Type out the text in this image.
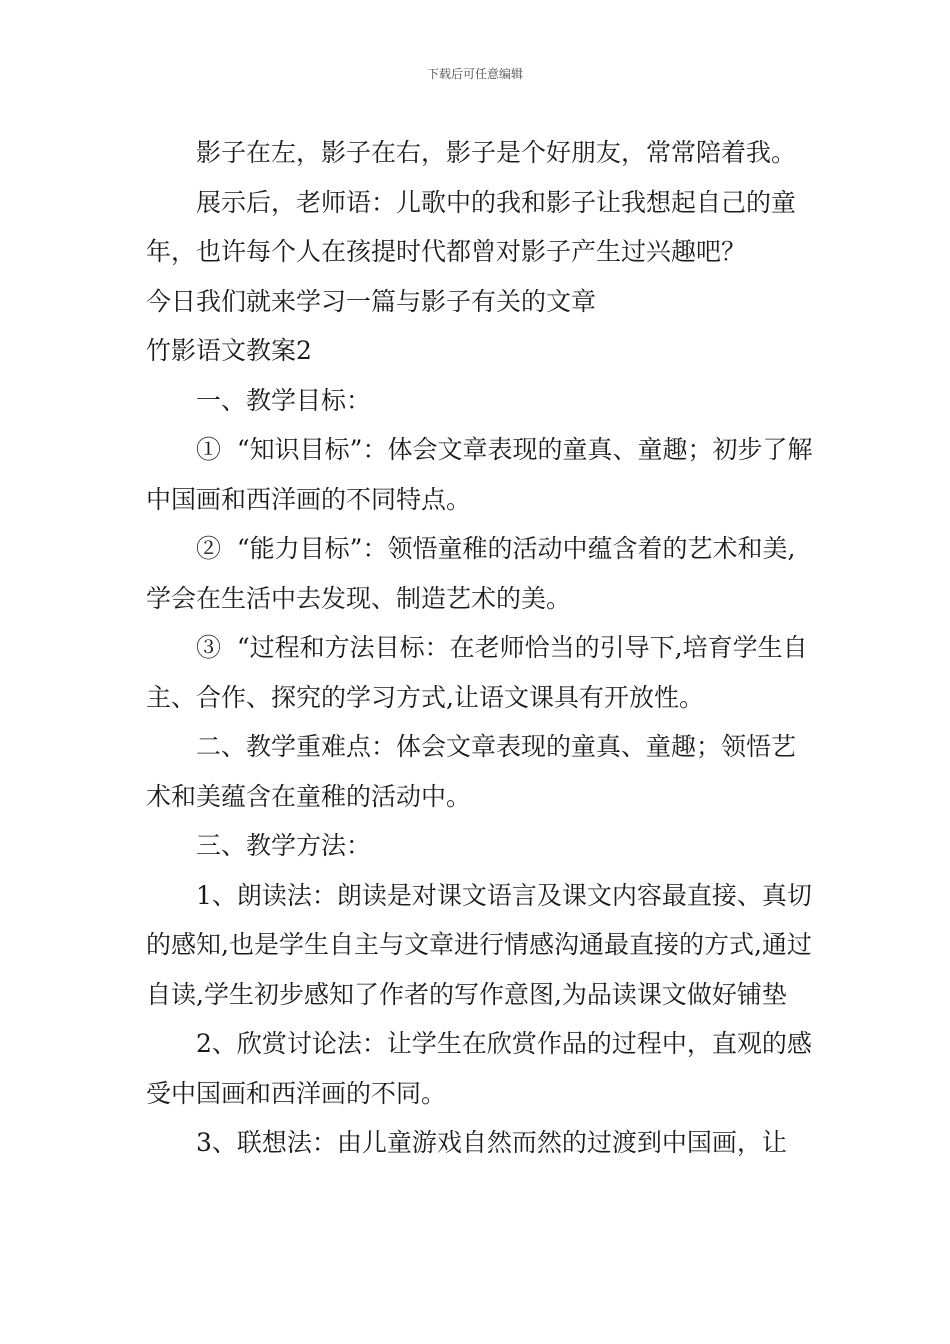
下载后可任意编辑

影子在左，影子在右，影子是个好朋友，常常陪着我。

展示后，老师语：儿歌中的我和影子让我想起自己的童年，也许每个人在孩提时代都曾对影子产生过兴趣吧？

今日我们就来学习一篇与影子有关的文章

竹影语文教案2

一、教学目标：

①  “知识目标”：体会文章表现的童真、童趣；初步了解中国画和西洋画的不同特点。

②  “能力目标”：领悟童稚的活动中蕴含着的艺术和美,学会在生活中去发现、制造艺术的美。

③  “过程和方法目标：在老师恰当的引导下,培育学生自主、合作、探究的学习方式,让语文课具有开放性。

二、教学重难点：体会文章表现的童真、童趣；领悟艺术和美蕴含在童稚的活动中。

三、教学方法：

1、朗读法：朗读是对课文语言及课文内容最直接、真切的感知,也是学生自主与文章进行情感沟通最直接的方式,通过自读,学生初步感知了作者的写作意图,为品读课文做好铺垫

2、欣赏讨论法：让学生在欣赏作品的过程中，直观的感受中国画和西洋画的不同。

3、联想法：由儿童游戏自然而然的过渡到中国画，让
